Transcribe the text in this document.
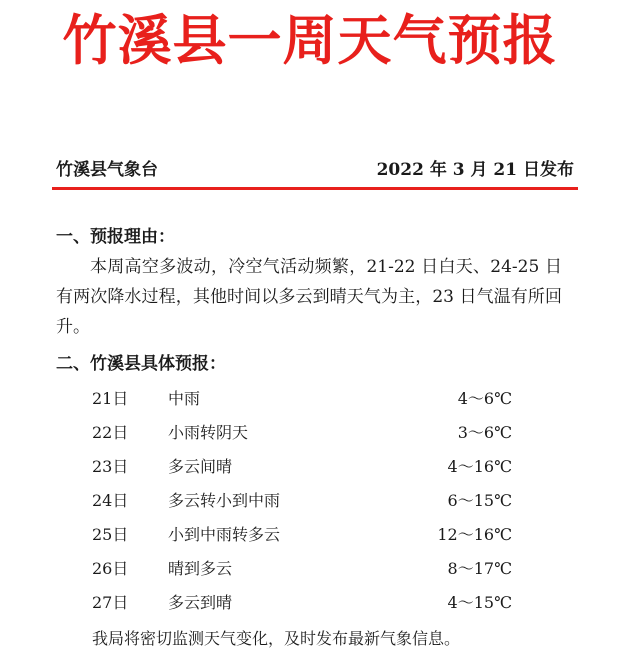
竹溪县一周天气预报
竹溪县气象台	2022 年 3 月 21 日发布
一、预报理由：

本周高空多波动，冷空气活动频繁，21-22 日白天、24-25 日有两次降水过程，其他时间以多云到晴天气为主，23 日气温有所回升。

二、竹溪县具体预报：
21日 中雨	4～6℃
22日 小雨转阴天	3～6℃
23日 多云间晴	4～16℃
24日 多云转小到中雨	6～15℃
25日 小到中雨转多云	12～16℃
26日 晴到多云	8～17℃
27日 多云到晴	4～15℃
我局将密切监测天气变化，及时发布最新气象信息。
